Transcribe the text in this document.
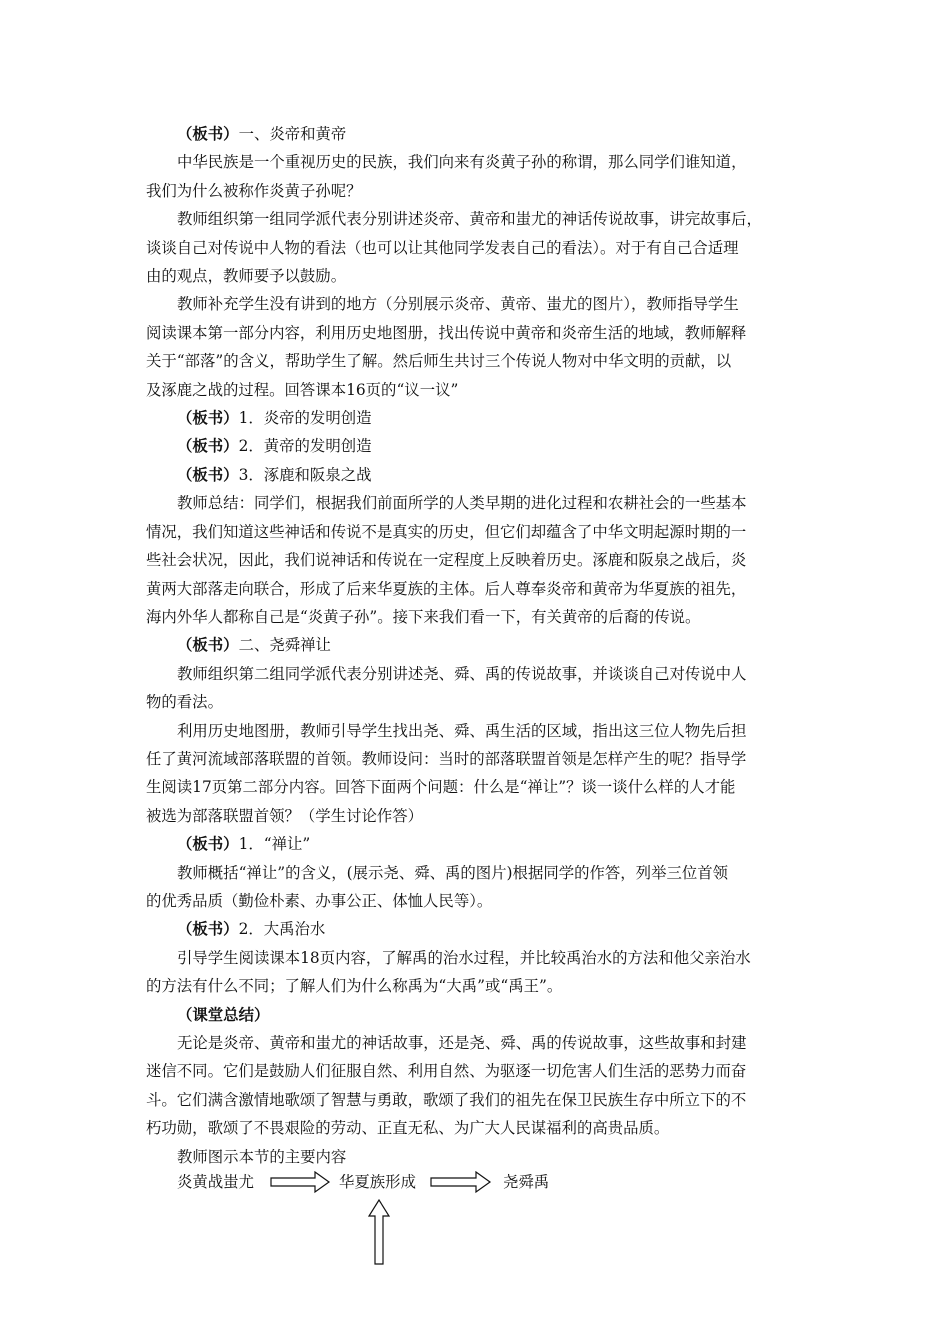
（板书）一、炎帝和黄帝
中华民族是一个重视历史的民族，我们向来有炎黄子孙的称谓，那么同学们谁知道，
我们为什么被称作炎黄子孙呢？
教师组织第一组同学派代表分别讲述炎帝、黄帝和蚩尤的神话传说故事，讲完故事后，
谈谈自己对传说中人物的看法（也可以让其他同学发表自己的看法）。对于有自己合适理
由的观点，教师要予以鼓励。
教师补充学生没有讲到的地方（分别展示炎帝、黄帝、蚩尤的图片），教师指导学生
阅读课本第一部分内容，利用历史地图册，找出传说中黄帝和炎帝生活的地域，教师解释
关于“部落”的含义，帮助学生了解。然后师生共讨三个传说人物对中华文明的贡献，以
及涿鹿之战的过程。回答课本16页的“议一议”
（板书）1．炎帝的发明创造
（板书）2．黄帝的发明创造
（板书）3．涿鹿和阪泉之战
教师总结：同学们，根据我们前面所学的人类早期的进化过程和农耕社会的一些基本
情况，我们知道这些神话和传说不是真实的历史，但它们却蕴含了中华文明起源时期的一
些社会状况，因此，我们说神话和传说在一定程度上反映着历史。涿鹿和阪泉之战后，炎
黄两大部落走向联合，形成了后来华夏族的主体。后人尊奉炎帝和黄帝为华夏族的祖先，
海内外华人都称自己是“炎黄子孙”。接下来我们看一下，有关黄帝的后裔的传说。
（板书）二、尧舜禅让
教师组织第二组同学派代表分别讲述尧、舜、禹的传说故事，并谈谈自己对传说中人
物的看法。
利用历史地图册，教师引导学生找出尧、舜、禹生活的区域，指出这三位人物先后担
任了黄河流域部落联盟的首领。教师设问：当时的部落联盟首领是怎样产生的呢？指导学
生阅读17页第二部分内容。回答下面两个问题：什么是“禅让”？谈一谈什么样的人才能
被选为部落联盟首领？（学生讨论作答）
（板书）1．“禅让”
教师概括“禅让”的含义，(展示尧、舜、禹的图片)根据同学的作答，列举三位首领
的优秀品质（勤俭朴素、办事公正、体恤人民等）。
（板书）2．大禹治水
引导学生阅读课本18页内容，了解禹的治水过程，并比较禹治水的方法和他父亲治水
的方法有什么不同；了解人们为什么称禹为“大禹”或“禹王”。
（课堂总结）
无论是炎帝、黄帝和蚩尤的神话故事，还是尧、舜、禹的传说故事，这些故事和封建
迷信不同。它们是鼓励人们征服自然、利用自然、为驱逐一切危害人们生活的恶势力而奋
斗。它们满含激情地歌颂了智慧与勇敢，歌颂了我们的祖先在保卫民族生存中所立下的不
朽功勋，歌颂了不畏艰险的劳动、正直无私、为广大人民谋福利的高贵品质。
教师图示本节的主要内容
炎黄战蚩尤	华夏族形成	尧舜禹
